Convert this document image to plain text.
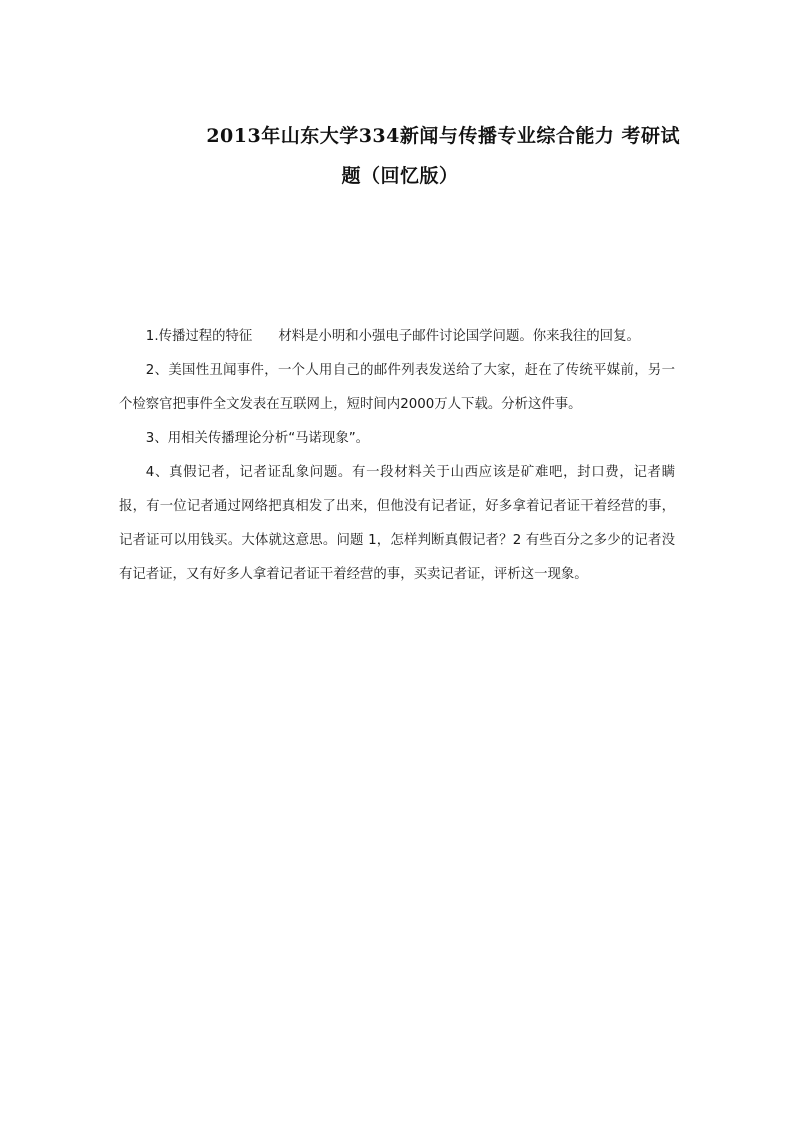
2013年山东大学334新闻与传播专业综合能力 考研试
题（回忆版）

1.传播过程的特征 材料是小明和小强电子邮件讨论国学问题。你来我往的回复。

2、美国性丑闻事件，一个人用自己的邮件列表发送给了大家，赶在了传统平媒前，另一个检察官把事件全文发表在互联网上，短时间内2000万人下载。分析这件事。

3、用相关传播理论分析“马诺现象”。

4、真假记者，记者证乱象问题。有一段材料关于山西应该是矿难吧，封口费，记者瞒报，有一位记者通过网络把真相发了出来，但他没有记者证，好多拿着记者证干着经营的事，记者证可以用钱买。大体就这意思。问题 1，怎样判断真假记者？2 有些百分之多少的记者没有记者证，又有好多人拿着记者证干着经营的事，买卖记者证，评析这一现象。
